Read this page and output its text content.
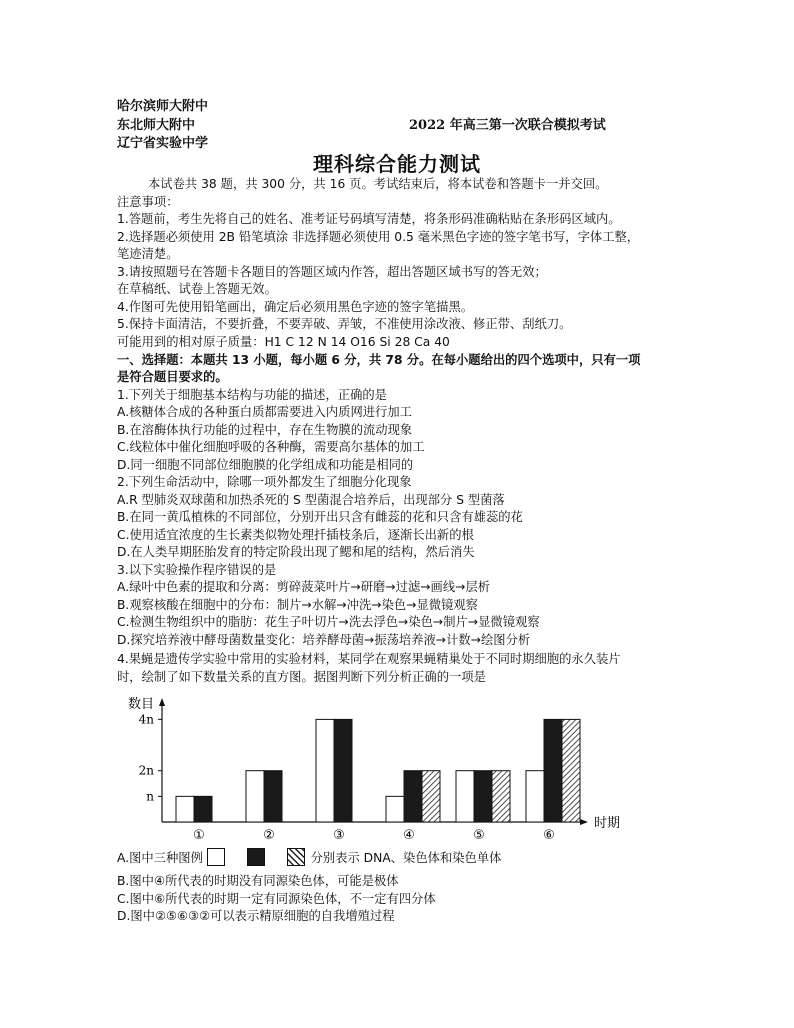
哈尔滨师大附中
东北师大附中
辽宁省实验中学
2022 年高三第一次联合模拟考试
理科综合能力测试
本试卷共 38 题，共 300 分，共 16 页。考试结束后，将本试卷和答题卡一并交回。
注意事项：
1.答题前，考生先将自己的姓名、准考证号码填写清楚，将条形码准确粘贴在条形码区域内。
2.选择题必须使用 2B 铅笔填涂 非选择题必须使用 0.5 毫米黑色字迹的签字笔书写，字体工整，
笔迹清楚。
3.请按照题号在答题卡各题目的答题区域内作答，超出答题区域书写的答无效；
在草稿纸、试卷上答题无效。
4.作图可先使用铅笔画出，确定后必须用黑色字迹的签字笔描黑。
5.保持卡面清洁，不要折叠，不要弄破、弄皱，不准使用涂改液、修正带、刮纸刀。
可能用到的相对原子质量：H1 C 12 N 14 O16 Si 28 Ca 40
一、选择题：本题共 13 小题，每小题 6 分，共 78 分。在每小题给出的四个选项中，只有一项
是符合题目要求的。
1.下列关于细胞基本结构与功能的描述，正确的是
A.核糖体合成的各种蛋白质都需要进入内质网进行加工
B.在溶酶体执行功能的过程中，存在生物膜的流动现象
C.线粒体中催化细胞呼吸的各种酶，需要高尔基体的加工
D.同一细胞不同部位细胞膜的化学组成和功能是相同的
2.下列生命活动中，除哪一项外都发生了细胞分化现象
A.R 型肺炎双球菌和加热杀死的 S 型菌混合培养后，出现部分 S 型菌落
B.在同一黄瓜植株的不同部位，分别开出只含有雌蕊的花和只含有雄蕊的花
C.使用适宜浓度的生长素类似物处理扦插枝条后，逐渐长出新的根
D.在人类早期胚胎发育的特定阶段出现了鳃和尾的结构，然后消失
3.以下实验操作程序错误的是
A.绿叶中色素的提取和分离：剪碎菠菜叶片→研磨→过滤→画线→层析
B.观察核酸在细胞中的分布：制片→水解→冲洗→染色→显微镜观察
C.检测生物组织中的脂肪：花生子叶切片→洗去浮色→染色→制片→显微镜观察
D.探究培养液中酵母菌数量变化：培养酵母菌→振荡培养液→计数→绘图分析
4.果蝇是遗传学实验中常用的实验材料，某同学在观察果蝇精巢处于不同时期细胞的永久装片
时，绘制了如下数量关系的直方图。据图判断下列分析正确的一项是
数目
时期
4n
2n
n
①	②	③	④	⑤	⑥
A.图中三种图例	分别表示 DNA、染色体和染色单体
B.图中④所代表的时期没有同源染色体，可能是极体
C.图中⑥所代表的时期一定有同源染色体，不一定有四分体
D.图中②⑤⑥③②可以表示精原细胞的自我增殖过程
